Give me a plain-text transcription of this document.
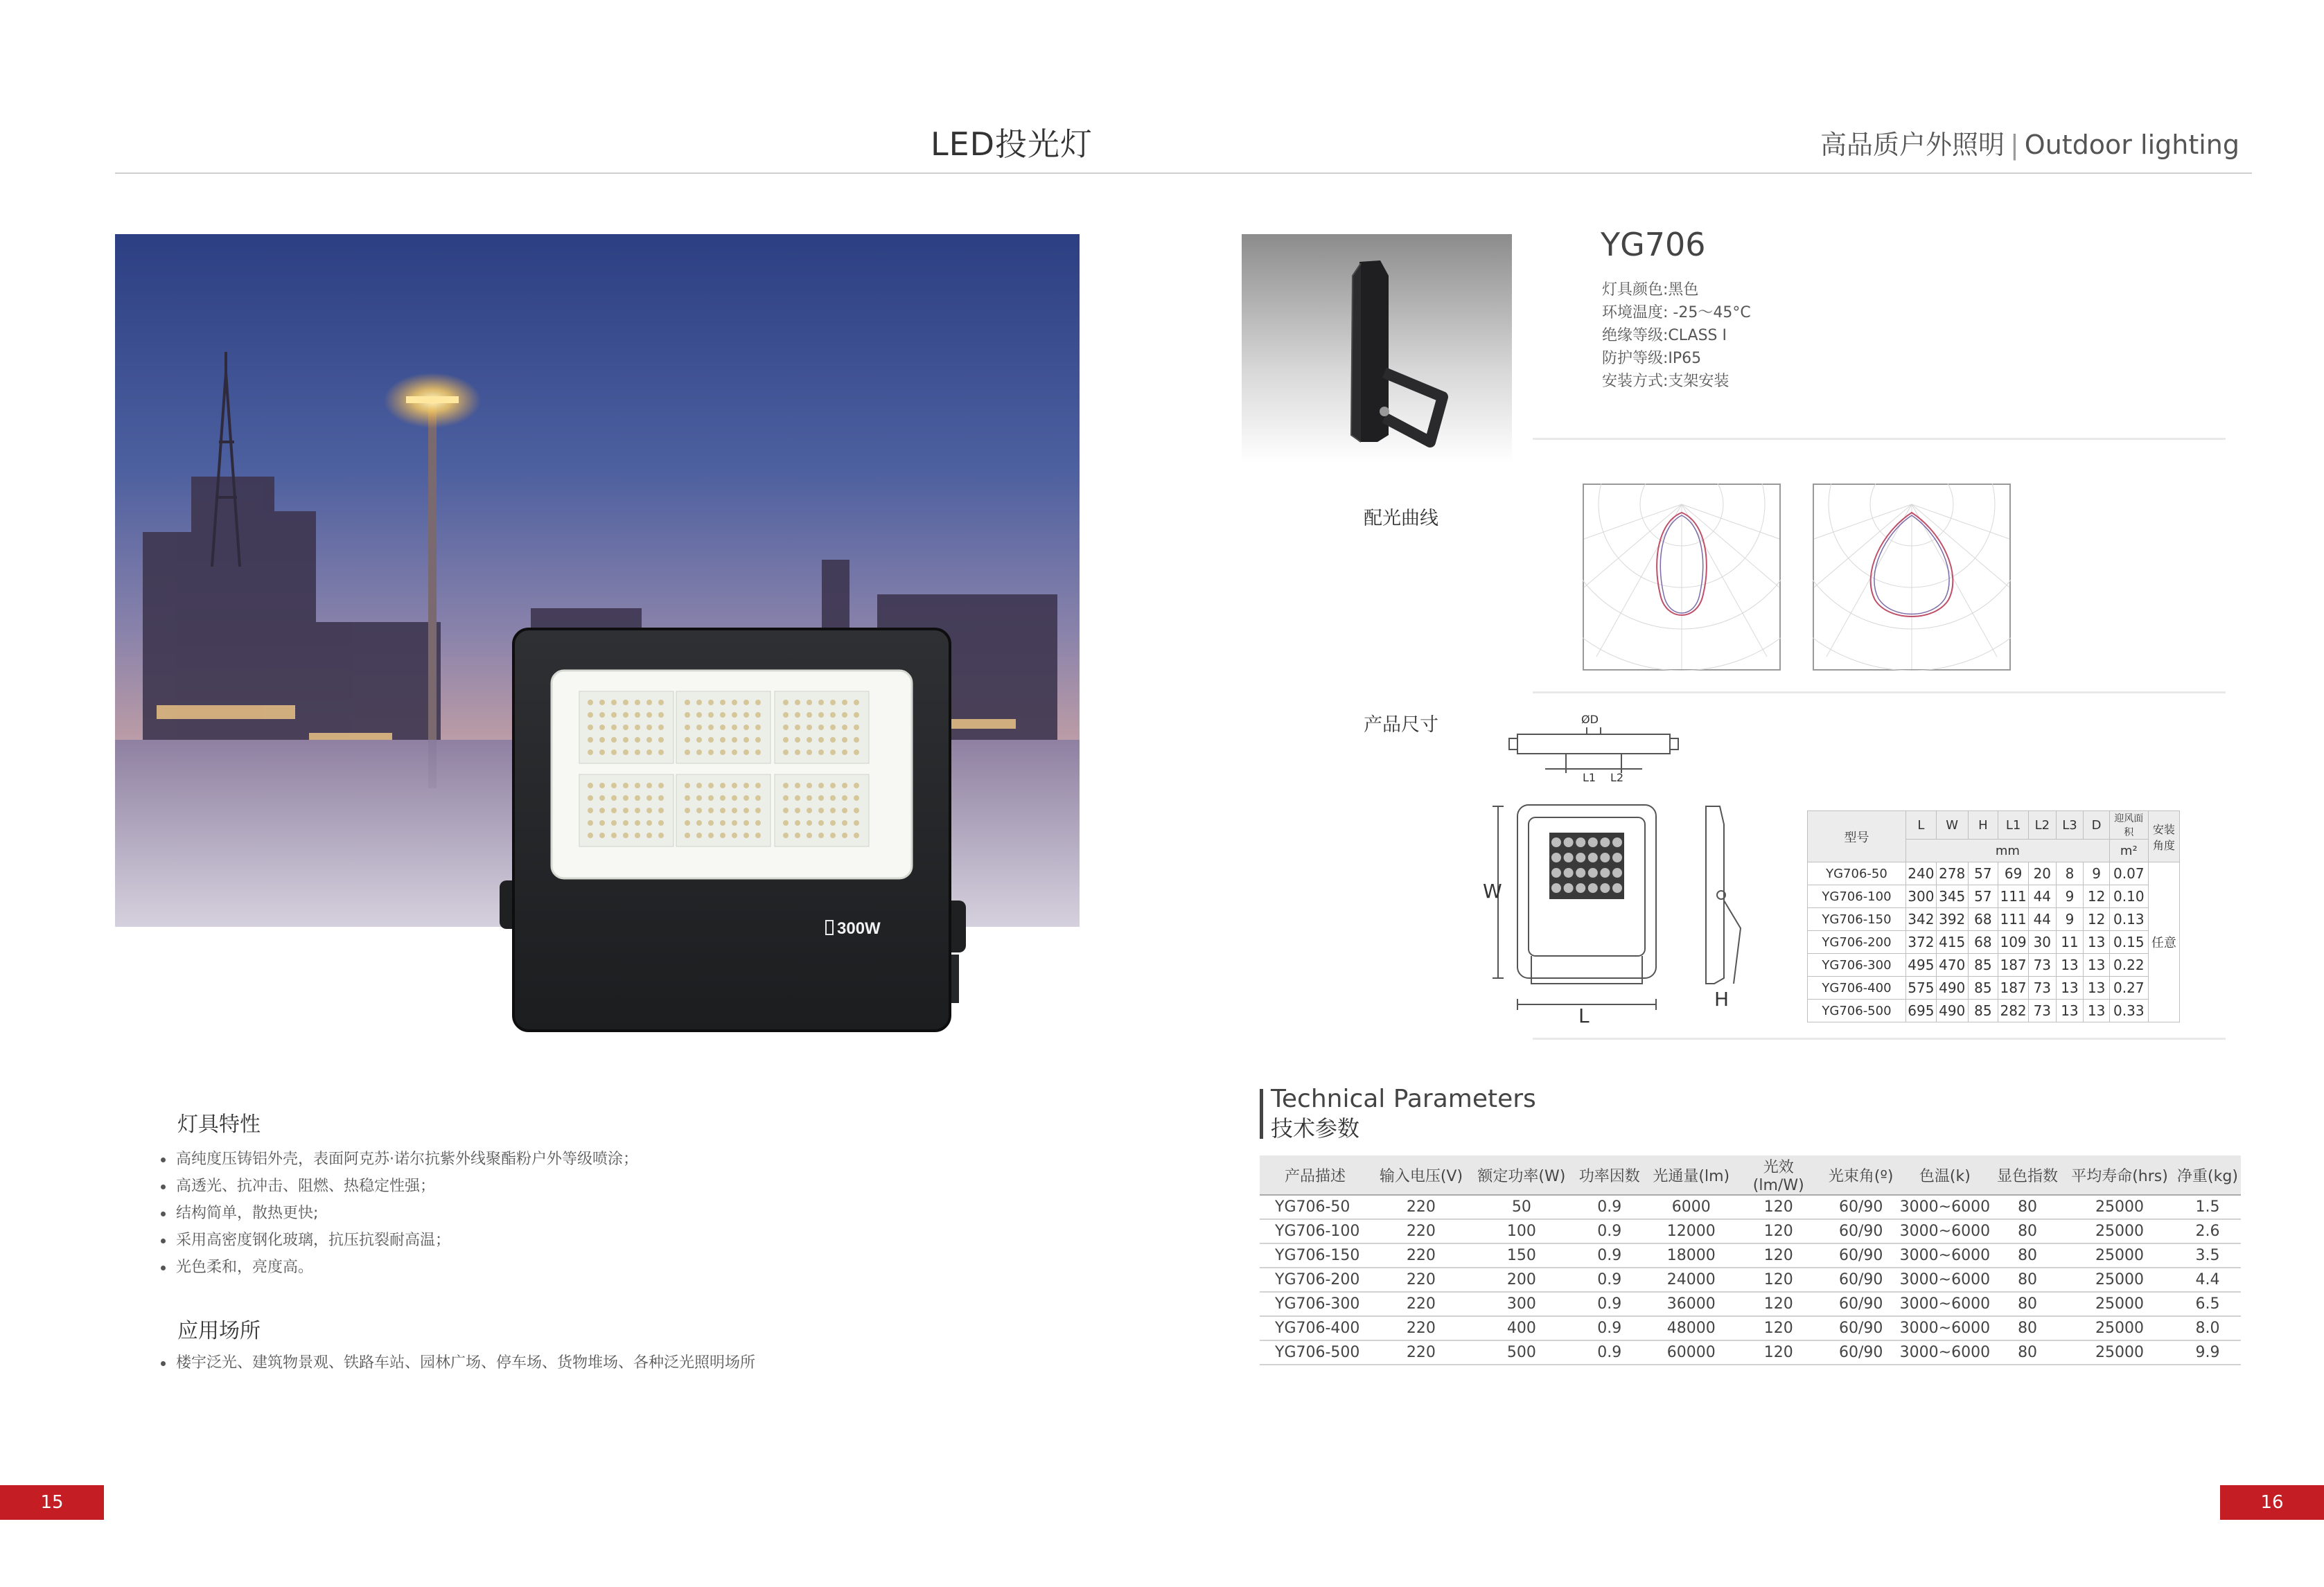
LED投光灯	高品质户外照明 | Outdoor lighting
300W
灯具特性
高纯度压铸铝外壳，表面阿克苏·诺尔抗紫外线聚酯粉户外等级喷涂；
高透光、抗冲击、阻燃、热稳定性强；
结构简单，散热更快;
采用高密度钢化玻璃，抗压抗裂耐高温；
光色柔和，亮度高。
应用场所
楼宇泛光、建筑物景观、铁路车站、园林广场、停车场、货物堆场、各种泛光照明场所
15	16
YG706
灯具颜色:黑色
环境温度: -25～45°C
绝缘等级:CLASS I
防护等级:IP65
安装方式:支架安装
配光曲线
产品尺寸	ØD
L1 L2
W
L
H
型号	L	W	H	L1	L2	L3	D	迎风面积	安装角度
	mm							m²	
YG706-50	240	278	57	69	20	8	9	0.07	任意
YG706-100	300	345	57	111	44	9	12	0.10	
YG706-150	342	392	68	111	44	9	12	0.13	
YG706-200	372	415	68	109	30	11	13	0.15	
YG706-300	495	470	85	187	73	13	13	0.22	
YG706-400	575	490	85	187	73	13	13	0.27	
YG706-500	695	490	85	282	73	13	13	0.33	
Technical Parameters
技术参数
产品描述	输入电压(V)	额定功率(W)	功率因数	光通量(lm)	光效 (lm/W)	光束角(º)	色温(k)	显色指数	平均寿命(hrs)	净重(kg)
YG706-50	220	50	0.9	6000	120	60/90	3000~6000	80	25000	1.5
YG706-100	220	100	0.9	12000	120	60/90	3000~6000	80	25000	2.6
YG706-150	220	150	0.9	18000	120	60/90	3000~6000	80	25000	3.5
YG706-200	220	200	0.9	24000	120	60/90	3000~6000	80	25000	4.4
YG706-300	220	300	0.9	36000	120	60/90	3000~6000	80	25000	6.5
YG706-400	220	400	0.9	48000	120	60/90	3000~6000	80	25000	8.0
YG706-500	220	500	0.9	60000	120	60/90	3000~6000	80	25000	9.9
